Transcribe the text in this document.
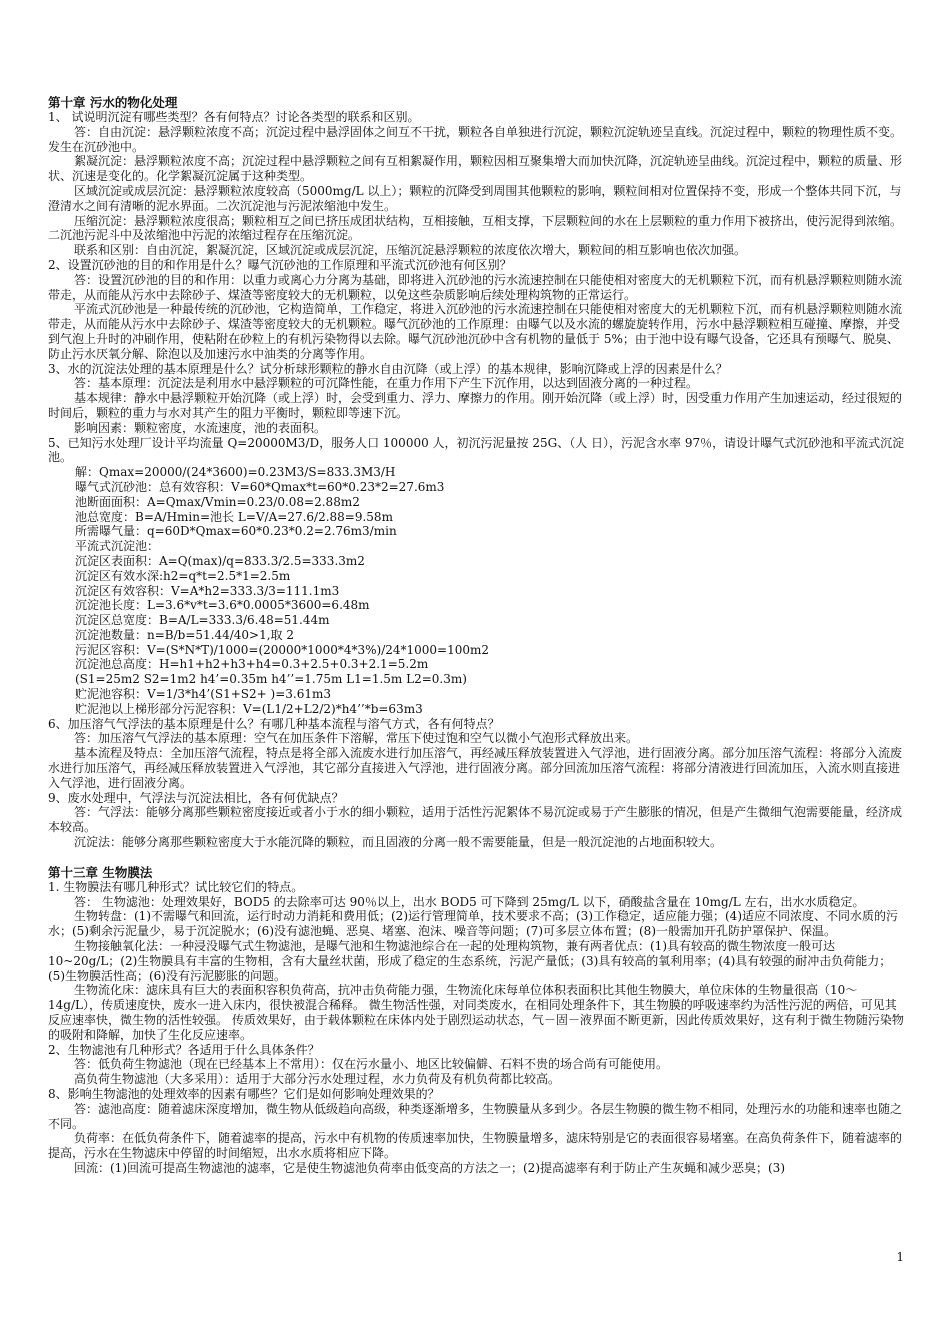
第十章 污水的物化处理

1、 试说明沉淀有哪些类型？各有何特点？讨论各类型的联系和区别。

答：自由沉淀：悬浮颗粒浓度不高；沉淀过程中悬浮固体之间互不干扰，颗粒各自单独进行沉淀，颗粒沉淀轨迹呈直线。沉淀过程中，颗粒的物理性质不变。发生在沉砂池中。

絮凝沉淀：悬浮颗粒浓度不高；沉淀过程中悬浮颗粒之间有互相絮凝作用，颗粒因相互聚集增大而加快沉降，沉淀轨迹呈曲线。沉淀过程中，颗粒的质量、形状、沉速是变化的。化学絮凝沉淀属于这种类型。

区域沉淀或成层沉淀：悬浮颗粒浓度较高（5000mg/L 以上）；颗粒的沉降受到周围其他颗粒的影响，颗粒间相对位置保持不变，形成一个整体共同下沉，与澄清水之间有清晰的泥水界面。二次沉淀池与污泥浓缩池中发生。

压缩沉淀：悬浮颗粒浓度很高；颗粒相互之间已挤压成团状结构，互相接触，互相支撑，下层颗粒间的水在上层颗粒的重力作用下被挤出，使污泥得到浓缩。二沉池污泥斗中及浓缩池中污泥的浓缩过程存在压缩沉淀。

联系和区别：自由沉淀，絮凝沉淀，区域沉淀或成层沉淀，压缩沉淀悬浮颗粒的浓度依次增大，颗粒间的相互影响也依次加强。

2、设置沉砂池的目的和作用是什么？曝气沉砂池的工作原理和平流式沉砂池有何区别？

答：设置沉砂池的目的和作用：以重力或离心力分离为基础，即将进入沉砂池的污水流速控制在只能使相对密度大的无机颗粒下沉，而有机悬浮颗粒则随水流带走，从而能从污水中去除砂子、煤渣等密度较大的无机颗粒，以免这些杂质影响后续处理构筑物的正常运行。

平流式沉砂池是一种最传统的沉砂池，它构造简单，工作稳定，将进入沉砂池的污水流速控制在只能使相对密度大的无机颗粒下沉，而有机悬浮颗粒则随水流带走，从而能从污水中去除砂子、煤渣等密度较大的无机颗粒。曝气沉砂池的工作原理：由曝气以及水流的螺旋旋转作用，污水中悬浮颗粒相互碰撞、摩擦，并受到气泡上升时的冲刷作用，使粘附在砂粒上的有机污染物得以去除。曝气沉砂池沉砂中含有机物的量低于 5%；由于池中设有曝气设备，它还具有预曝气、脱臭、防止污水厌氧分解、除泡以及加速污水中油类的分离等作用。

3、水的沉淀法处理的基本原理是什么？试分析球形颗粒的静水自由沉降（或上浮）的基本规律，影响沉降或上浮的因素是什么？

答：基本原理：沉淀法是利用水中悬浮颗粒的可沉降性能，在重力作用下产生下沉作用，以达到固液分离的一种过程。

基本规律：静水中悬浮颗粒开始沉降（或上浮）时，会受到重力、浮力、摩擦力的作用。刚开始沉降（或上浮）时，因受重力作用产生加速运动，经过很短的时间后，颗粒的重力与水对其产生的阻力平衡时，颗粒即等速下沉。

影响因素：颗粒密度，水流速度，池的表面积。

5、已知污水处理厂设计平均流量 Q=20000M3/D，服务人口 100000 人，初沉污泥量按 25G、（人 日），污泥含水率 97％，请设计曝气式沉砂池和平流式沉淀池。

解：Qmax=20000/(24*3600)=0.23M3/S=833.3M3/H

曝气式沉砂池：总有效容积：V=60*Qmax*t=60*0.23*2=27.6m3

池断面面积：A=Qmax/Vmin=0.23/0.08=2.88m2

池总宽度：B=A/Hmin=池长 L=V/A=27.6/2.88=9.58m

所需曝气量：q=60D*Qmax=60*0.23*0.2=2.76m3/min

平流式沉淀池：

沉淀区表面积：A=Q(max)/q=833.3/2.5=333.3m2

沉淀区有效水深:h2=q*t=2.5*1=2.5m

沉淀区有效容积：V=A*h2=333.3/3=111.1m3

沉淀池长度：L=3.6*v*t=3.6*0.0005*3600=6.48m

沉淀区总宽度：B=A/L=333.3/6.48=51.44m

沉淀池数量：n=B/b=51.44/40>1,取 2

污泥区容积：V=(S*N*T)/1000=(20000*1000*4*3%)/24*1000=100m2

沉淀池总高度：H=h1+h2+h3+h4=0.3+2.5+0.3+2.1=5.2m

(S1=25m2 S2=1m2 h4’=0.35m h4’’=1.75m L1=1.5m L2=0.3m)

贮泥池容积：V=1/3*h4’(S1+S2+ )=3.61m3

贮泥池以上梯形部分污泥容积：V=(L1/2+L2/2)*h4’’*b=63m3

6、加压溶气气浮法的基本原理是什么？有哪几种基本流程与溶气方式，各有何特点？

答：加压溶气气浮法的基本原理：空气在加压条件下溶解，常压下使过饱和空气以微小气泡形式释放出来。

基本流程及特点：全加压溶气流程，特点是将全部入流废水进行加压溶气，再经减压释放装置进入气浮池，进行固液分离。部分加压溶气流程：将部分入流废水进行加压溶气，再经减压释放装置进入气浮池，其它部分直接进入气浮池，进行固液分离。部分回流加压溶气流程：将部分清液进行回流加压，入流水则直接进入气浮池，进行固液分离。

9、废水处理中，气浮法与沉淀法相比，各有何优缺点？

答：气浮法：能够分离那些颗粒密度接近或者小于水的细小颗粒，适用于活性污泥絮体不易沉淀或易于产生膨胀的情况，但是产生微细气泡需要能量，经济成本较高。

沉淀法：能够分离那些颗粒密度大于水能沉降的颗粒，而且固液的分离一般不需要能量，但是一般沉淀池的占地面积较大。

第十三章 生物膜法

1. 生物膜法有哪几种形式？试比较它们的特点。

答： 生物滤池：处理效果好，BOD5 的去除率可达 90％以上，出水 BOD5 可下降到 25mg/L 以下，硝酸盐含量在 10mg/L 左右，出水水质稳定。

生物转盘：(1)不需曝气和回流，运行时动力消耗和费用低；(2)运行管理简单，技术要求不高；(3)工作稳定，适应能力强；(4)适应不同浓度、不同水质的污水；(5)剩余污泥量少，易于沉淀脱水；(6)没有滤池蝇、恶臭、堵塞、泡沫、噪音等问题；(7)可多层立体布置；(8)一般需加开孔防护罩保护、保温。

生物接触氧化法：一种浸没曝气式生物滤池，是曝气池和生物滤池综合在一起的处理构筑物，兼有两者优点：(1)具有较高的微生物浓度一般可达 10~20g/L；(2)生物膜具有丰富的生物相，含有大量丝状菌，形成了稳定的生态系统，污泥产量低；(3)具有较高的氧利用率；(4)具有较强的耐冲击负荷能力； (5)生物膜活性高；(6)没有污泥膨胀的问题。

生物流化床：滤床具有巨大的表面积容积负荷高，抗冲击负荷能力强，生物流化床每单位体积表面积比其他生物膜大，单位床体的生物量很高（10～14g/L），传质速度快，废水一进入床内，很快被混合稀释。 微生物活性强，对同类废水，在相同处理条件下，其生物膜的呼吸速率约为活性污泥的两倍，可见其反应速率快，微生物的活性较强。 传质效果好，由于载体颗粒在床体内处于剧烈运动状态，气－固－液界面不断更新，因此传质效果好，这有利于微生物随污染物的吸附和降解，加快了生化反应速率。

2、生物滤池有几种形式？各适用于什么具体条件？

答：低负荷生物滤池（现在已经基本上不常用）：仅在污水量小、地区比较偏僻、石料不贵的场合尚有可能使用。

高负荷生物滤池（大多采用）：适用于大部分污水处理过程，水力负荷及有机负荷都比较高。

8、影响生物滤池的处理效率的因素有哪些？它们是如何影响处理效果的？

答：滤池高度：随着滤床深度增加，微生物从低级趋向高级，种类逐渐增多，生物膜量从多到少。各层生物膜的微生物不相同，处理污水的功能和速率也随之不同。

负荷率：在低负荷条件下，随着滤率的提高，污水中有机物的传质速率加快，生物膜量增多，滤床特别是它的表面很容易堵塞。在高负荷条件下，随着滤率的提高，污水在生物滤床中停留的时间缩短，出水水质将相应下降。

回流：(1)回流可提高生物滤池的滤率，它是使生物滤池负荷率由低变高的方法之一；(2)提高滤率有利于防止产生灰蝇和减少恶臭；(3)

1
